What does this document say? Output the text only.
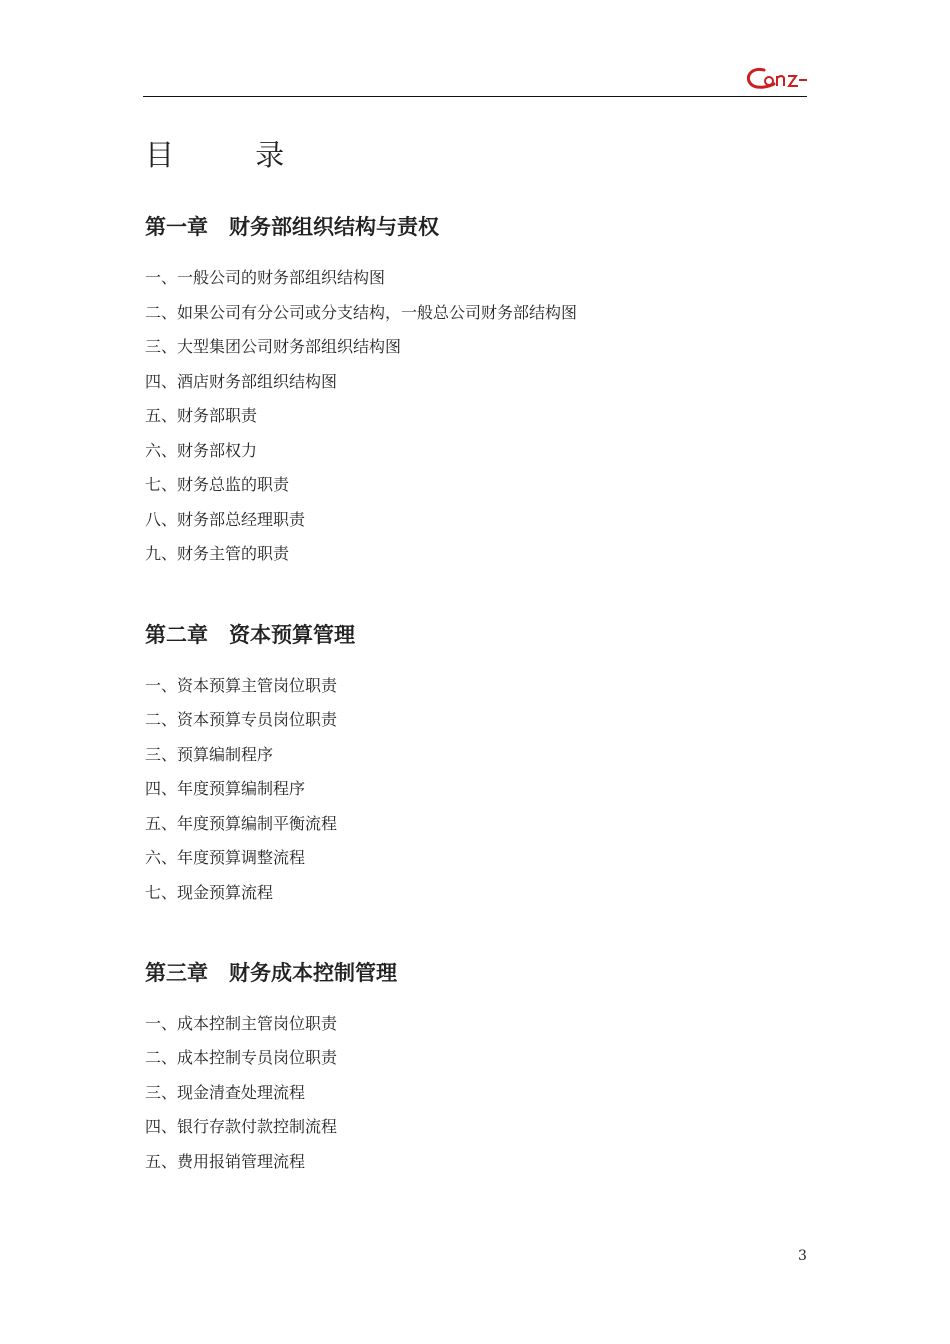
目 录
第一章　财务部组织结构与责权
一、一般公司的财务部组织结构图
二、如果公司有分公司或分支结构，一般总公司财务部结构图
三、大型集团公司财务部组织结构图
四、酒店财务部组织结构图
五、财务部职责
六、财务部权力
七、财务总监的职责
八、财务部总经理职责
九、财务主管的职责
第二章　资本预算管理
一、资本预算主管岗位职责
二、资本预算专员岗位职责
三、预算编制程序
四、年度预算编制程序
五、年度预算编制平衡流程
六、年度预算调整流程
七、现金预算流程
第三章　财务成本控制管理
一、成本控制主管岗位职责
二、成本控制专员岗位职责
三、现金清查处理流程
四、银行存款付款控制流程
五、费用报销管理流程
3
